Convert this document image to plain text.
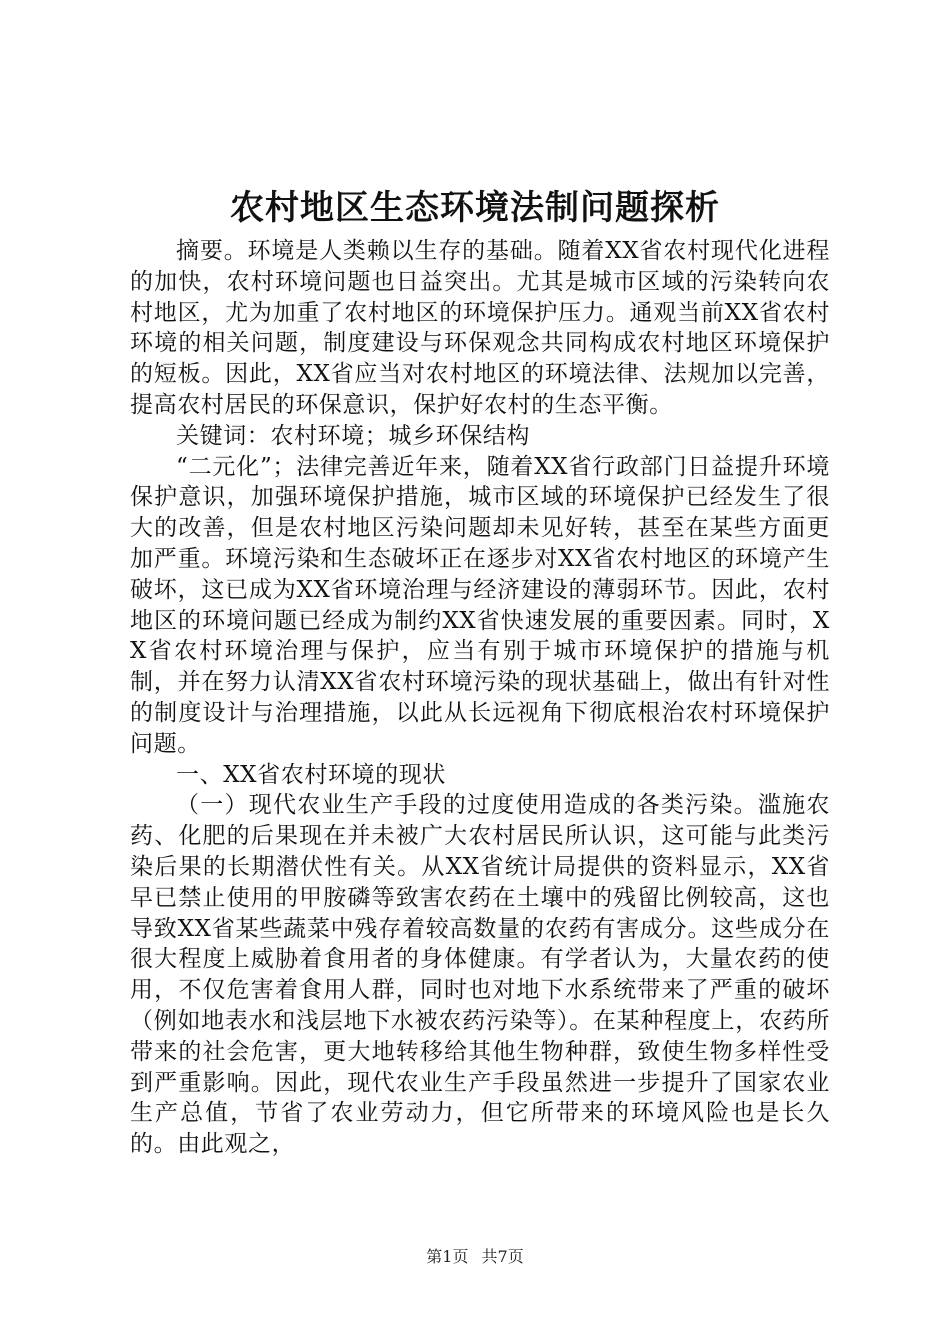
农村地区生态环境法制问题探析

摘要。环境是人类赖以生存的基础。随着XX省农村现代化进程的加快，农村环境问题也日益突出。尤其是城市区域的污染转向农村地区，尤为加重了农村地区的环境保护压力。通观当前XX省农村环境的相关问题，制度建设与环保观念共同构成农村地区环境保护的短板。因此，XX省应当对农村地区的环境法律、法规加以完善，提高农村居民的环保意识，保护好农村的生态平衡。

关键词：农村环境；城乡环保结构

“二元化”；法律完善近年来，随着XX省行政部门日益提升环境保护意识，加强环境保护措施，城市区域的环境保护已经发生了很大的改善，但是农村地区污染问题却未见好转，甚至在某些方面更加严重。环境污染和生态破坏正在逐步对XX省农村地区的环境产生破坏，这已成为XX省环境治理与经济建设的薄弱环节。因此，农村地区的环境问题已经成为制约XX省快速发展的重要因素。同时，XX省农村环境治理与保护，应当有别于城市环境保护的措施与机制，并在努力认清XX省农村环境污染的现状基础上，做出有针对性的制度设计与治理措施，以此从长远视角下彻底根治农村环境保护问题。

一、XX省农村环境的现状

（一）现代农业生产手段的过度使用造成的各类污染。滥施农药、化肥的后果现在并未被广大农村居民所认识，这可能与此类污染后果的长期潜伏性有关。从XX省统计局提供的资料显示，XX省早已禁止使用的甲胺磷等致害农药在土壤中的残留比例较高，这也导致XX省某些蔬菜中残存着较高数量的农药有害成分。这些成分在很大程度上威胁着食用者的身体健康。有学者认为，大量农药的使用，不仅危害着食用人群，同时也对地下水系统带来了严重的破坏（例如地表水和浅层地下水被农药污染等）。在某种程度上，农药所带来的社会危害，更大地转移给其他生物种群，致使生物多样性受到严重影响。因此，现代农业生产手段虽然进一步提升了国家农业生产总值，节省了农业劳动力，但它所带来的环境风险也是长久的。由此观之，

第1页 共7页
